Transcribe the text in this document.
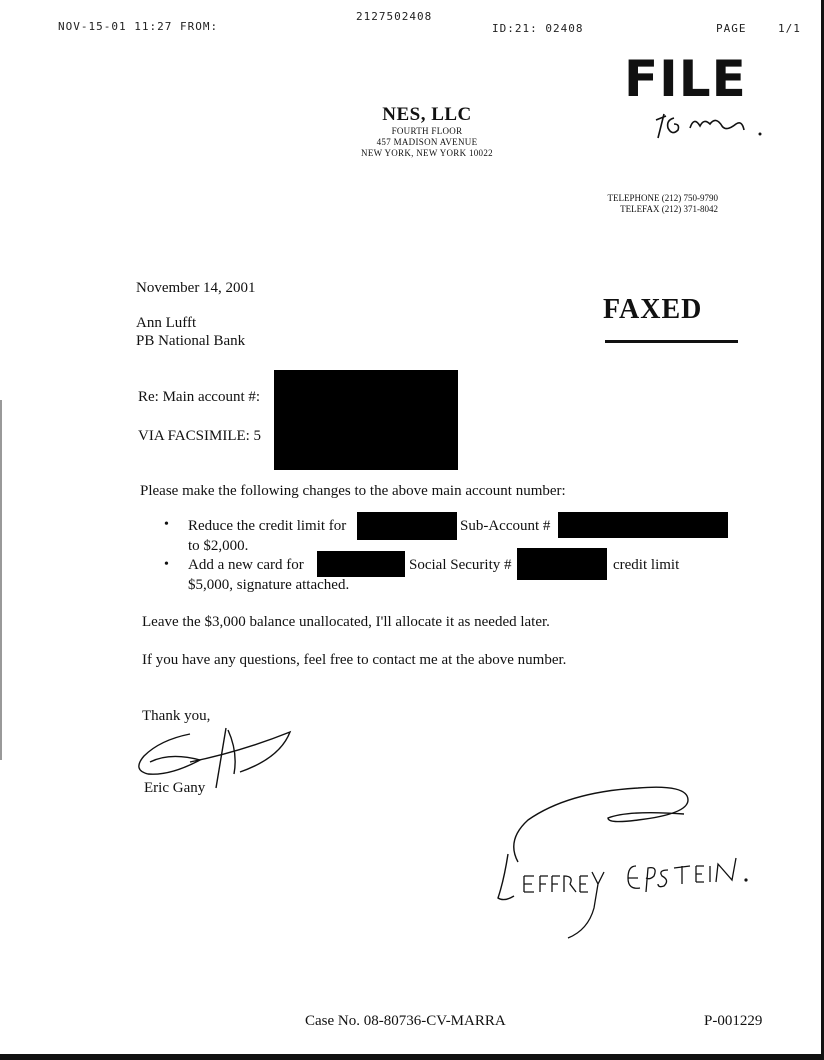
NOV-15-01 11:27 FROM:
2127502408
ID:21: 02408	PAGE	1/1
FILE
NES, LLC
FOURTH FLOOR
457 MADISON AVENUE
NEW YORK, NEW YORK 10022
TELEPHONE (212) 750-9790
TELEFAX (212) 371-8042
FAXED
November 14, 2001
Ann Lufft
PB National Bank
Re: Main account #:
VIA FACSIMILE: 5
Please make the following changes to the above main account number:
• Reduce the credit limit for	Sub-Account #
to $2,000.
• Add a new card for	Social Security #	credit limit
$5,000, signature attached.
Leave the $3,000 balance unallocated, I'll allocate it as needed later.
If you have any questions, feel free to contact me at the above number.
Thank you,
Eric Gany
Case No. 08-80736-CV-MARRA	P-001229
